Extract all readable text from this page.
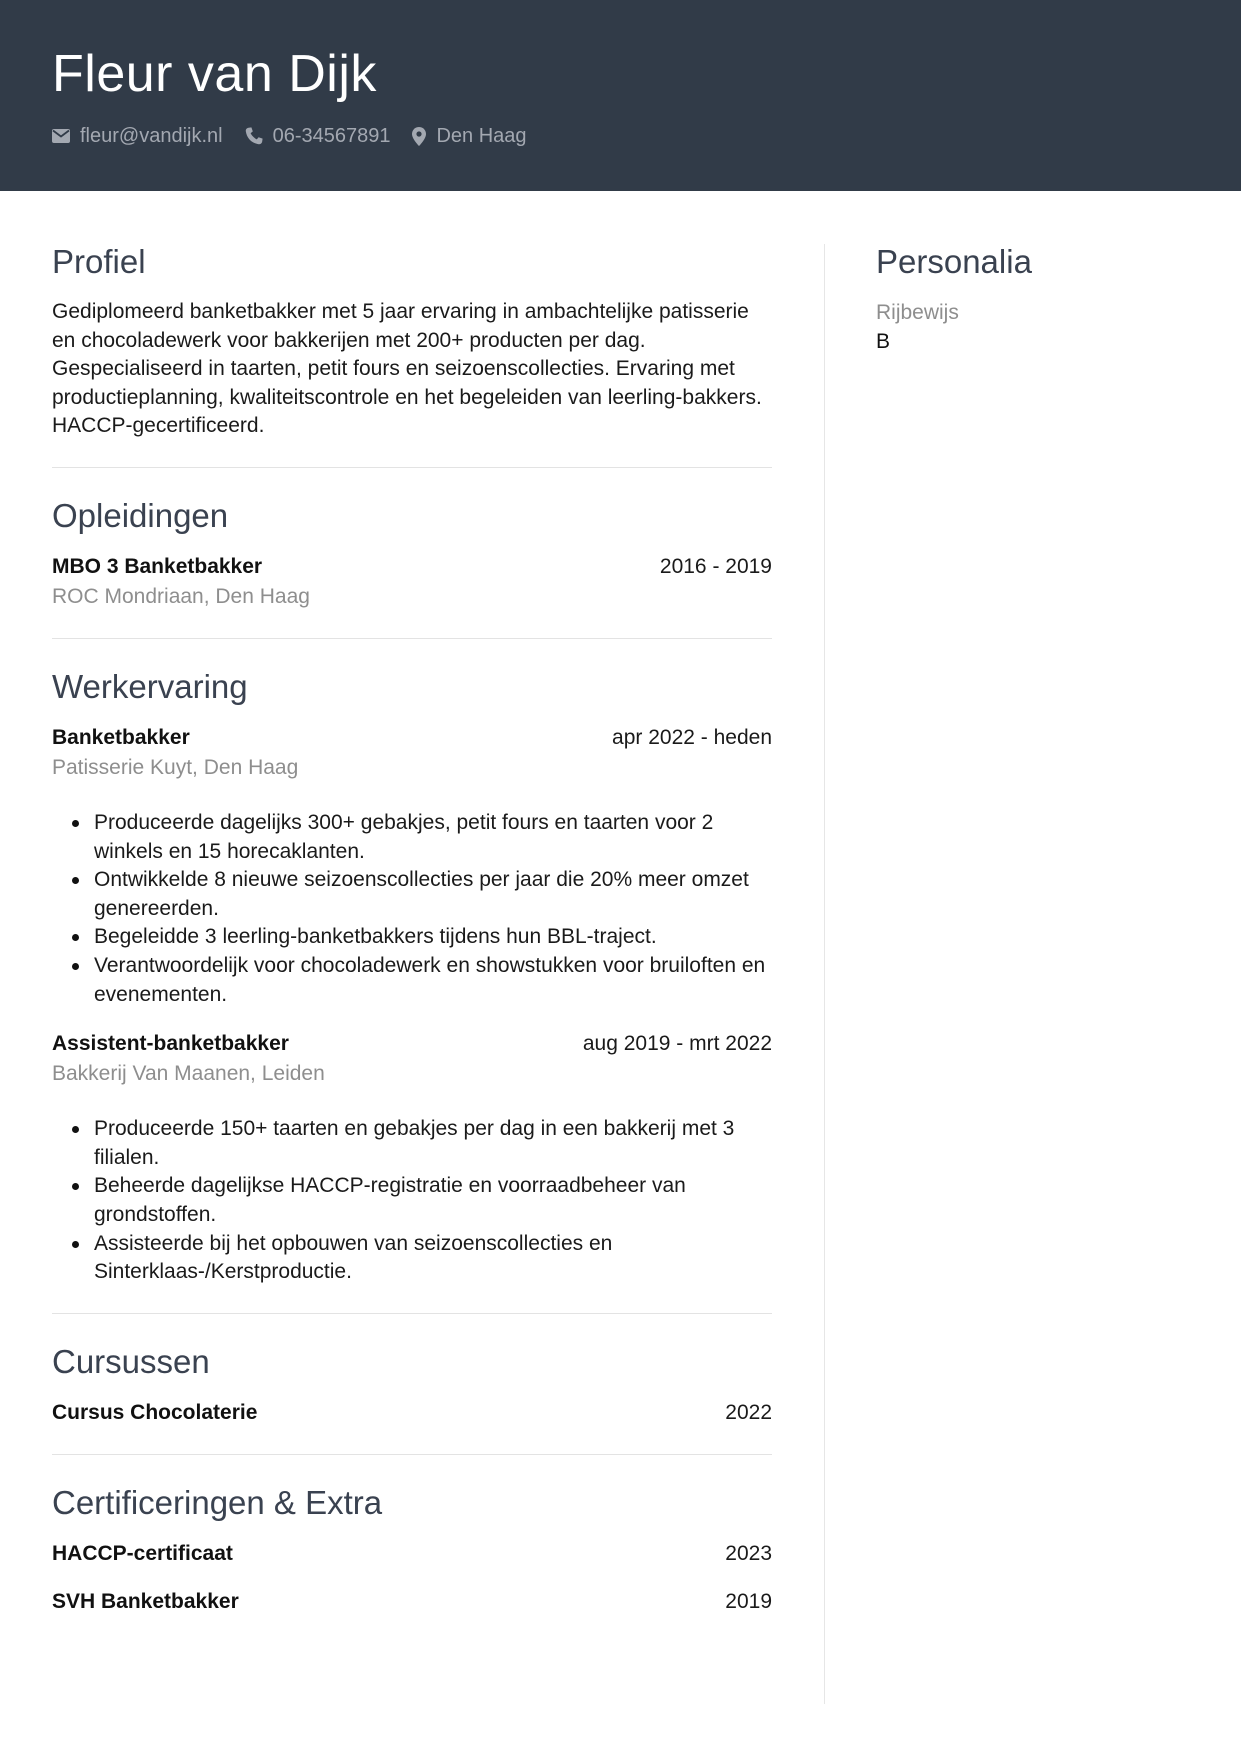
Fleur van Dijk
fleur@vandijk.nl	06-34567891 Den Haag
Profiel

Gediplomeerd banketbakker met 5 jaar ervaring in ambachtelijke patisserie en chocoladewerk voor bakkerijen met 200+ producten per dag. Gespecialiseerd in taarten, petit fours en seizoenscollecties. Ervaring met productieplanning, kwaliteitscontrole en het begeleiden van leerling-bakkers. HACCP-gecertificeerd.

Opleidingen
MBO 3 Banketbakker	2016 - 2019
ROC Mondriaan, Den Haag
Werkervaring
Banketbakker	apr 2022 - heden
Patisserie Kuyt, Den Haag
Produceerde dagelijks 300+ gebakjes, petit fours en taarten voor 2 winkels en 15 horecaklanten.
Ontwikkelde 8 nieuwe seizoenscollecties per jaar die 20% meer omzet genereerden.
Begeleidde 3 leerling-banketbakkers tijdens hun BBL-traject.
Verantwoordelijk voor chocoladewerk en showstukken voor bruiloften en evenementen.
Assistent-banketbakker	aug 2019 - mrt 2022
Bakkerij Van Maanen, Leiden
Produceerde 150+ taarten en gebakjes per dag in een bakkerij met 3 filialen.
Beheerde dagelijkse HACCP-registratie en voorraadbeheer van grondstoffen.
Assisteerde bij het opbouwen van seizoenscollecties en Sinterklaas-/Kerstproductie.
Cursussen
Cursus Chocolaterie	2022
Certificeringen & Extra
HACCP-certificaat	2023
SVH Banketbakker	2019
Personalia
Rijbewijs
B
